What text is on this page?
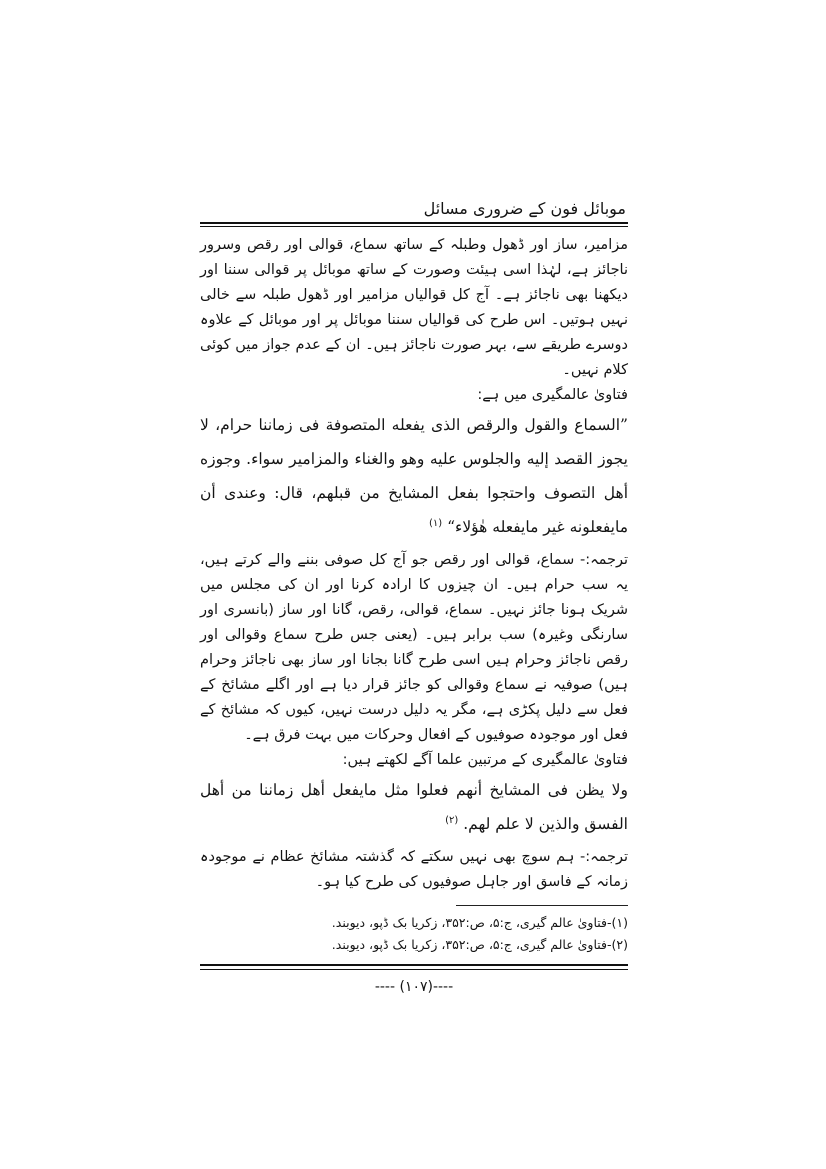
موبائل فون کے ضروری مسائل

مزامیر، ساز اور ڈھول وطبلہ کے ساتھ سماع، قوالی اور رقص وسرور ناجائز ہے، لہٰذا اسی ہیئت وصورت کے ساتھ موبائل پر قوالی سننا اور دیکھنا بھی ناجائز ہے۔ آج کل قوالیاں مزامیر اور ڈھول طبلہ سے خالی نہیں ہوتیں۔ اس طرح کی قوالیاں سننا موبائل پر اور موبائل کے علاوہ دوسرے طریقے سے، بہر صورت ناجائز ہیں۔ ان کے عدم جواز میں کوئی کلام نہیں۔

فتاویٰ عالمگیری میں ہے:

”السماع والقول والرقص الذی یفعله المتصوفة فی زماننا حرام، لا یجوز القصد إلیه والجلوس علیه وهو والغناء والمزامیر سواء. وجوزه أهل التصوف واحتجوا بفعل المشایخ من قبلهم، قال: وعندی أن مایفعلونه غیر مایفعله هٰؤلاء“ (۱)

ترجمہ:- سماع، قوالی اور رقص جو آج کل صوفی بننے والے کرتے ہیں، یہ سب حرام ہیں۔ ان چیزوں کا ارادہ کرنا اور ان کی مجلس میں شریک ہونا جائز نہیں۔ سماع، قوالی، رقص، گانا اور ساز (بانسری اور سارنگی وغیرہ) سب برابر ہیں۔ (یعنی جس طرح سماع وقوالی اور رقص ناجائز وحرام ہیں اسی طرح گانا بجانا اور ساز بھی ناجائز وحرام ہیں) صوفیہ نے سماع وقوالی کو جائز قرار دیا ہے اور اگلے مشائخ کے فعل سے دلیل پکڑی ہے، مگر یہ دلیل درست نہیں، کیوں کہ مشائخ کے فعل اور موجودہ صوفیوں کے افعال وحرکات میں بہت فرق ہے۔

فتاویٰ عالمگیری کے مرتبین علما آگے لکھتے ہیں:

ولا یظن فی المشایخ أنهم فعلوا مثل مایفعل أهل زماننا من أهل الفسق والذین لا علم لهم. (۲)

ترجمہ:- ہم سوچ بھی نہیں سکتے کہ گذشتہ مشائخ عظام نے موجودہ زمانہ کے فاسق اور جاہل صوفیوں کی طرح کیا ہو۔

(۱)-فتاویٰ عالم گیری، ج:۵، ص:۳۵۲، زکریا بک ڈپو، دیوبند.
(۲)-فتاویٰ عالم گیری، ج:۵، ص:۳۵۲، زکریا بک ڈپو، دیوبند.
---- (۱۰۷)----
